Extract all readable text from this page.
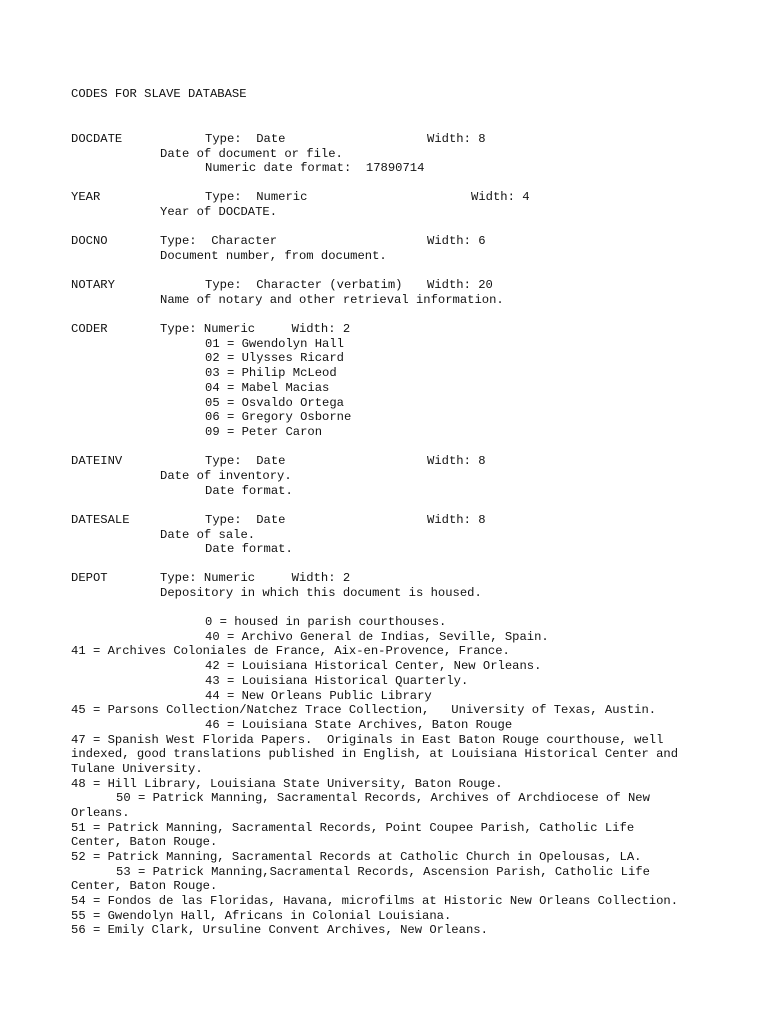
CODES FOR SLAVE DATABASE
DOCDATE	Type:  Date	Width: 8
Date of document or file.
Numeric date format:  17890714
YEAR	Type:  Numeric	Width: 4
Year of DOCDATE.
DOCNO	Type:  Character	Width: 6
Document number, from document.
NOTARY	Type:  Character (verbatim) Width: 20
Name of notary and other retrieval information.
CODER	Type: Numeric     Width: 2
01 = Gwendolyn Hall
02 = Ulysses Ricard
03 = Philip McLeod
04 = Mabel Macias
05 = Osvaldo Ortega
06 = Gregory Osborne
09 = Peter Caron
DATEINV	Type:  Date	Width: 8
Date of inventory.
Date format.
DATESALE	Type:  Date	Width: 8
Date of sale.
Date format.
DEPOT	Type: Numeric     Width: 2
Depository in which this document is housed.
0 = housed in parish courthouses.
40 = Archivo General de Indias, Seville, Spain.
41 = Archives Coloniales de France, Aix-en-Provence, France.
42 = Louisiana Historical Center, New Orleans.
43 = Louisiana Historical Quarterly.
44 = New Orleans Public Library
45 = Parsons Collection/Natchez Trace Collection,   University of Texas, Austin.
46 = Louisiana State Archives, Baton Rouge
47 = Spanish West Florida Papers.  Originals in East Baton Rouge courthouse, well
indexed, good translations published in English, at Louisiana Historical Center and
Tulane University.
48 = Hill Library, Louisiana State University, Baton Rouge.
50 = Patrick Manning, Sacramental Records, Archives of Archdiocese of New
Orleans.
51 = Patrick Manning, Sacramental Records, Point Coupee Parish, Catholic Life
Center, Baton Rouge.
52 = Patrick Manning, Sacramental Records at Catholic Church in Opelousas, LA.
53 = Patrick Manning,Sacramental Records, Ascension Parish, Catholic Life
Center, Baton Rouge.
54 = Fondos de las Floridas, Havana, microfilms at Historic New Orleans Collection.
55 = Gwendolyn Hall, Africans in Colonial Louisiana.
56 = Emily Clark, Ursuline Convent Archives, New Orleans.
